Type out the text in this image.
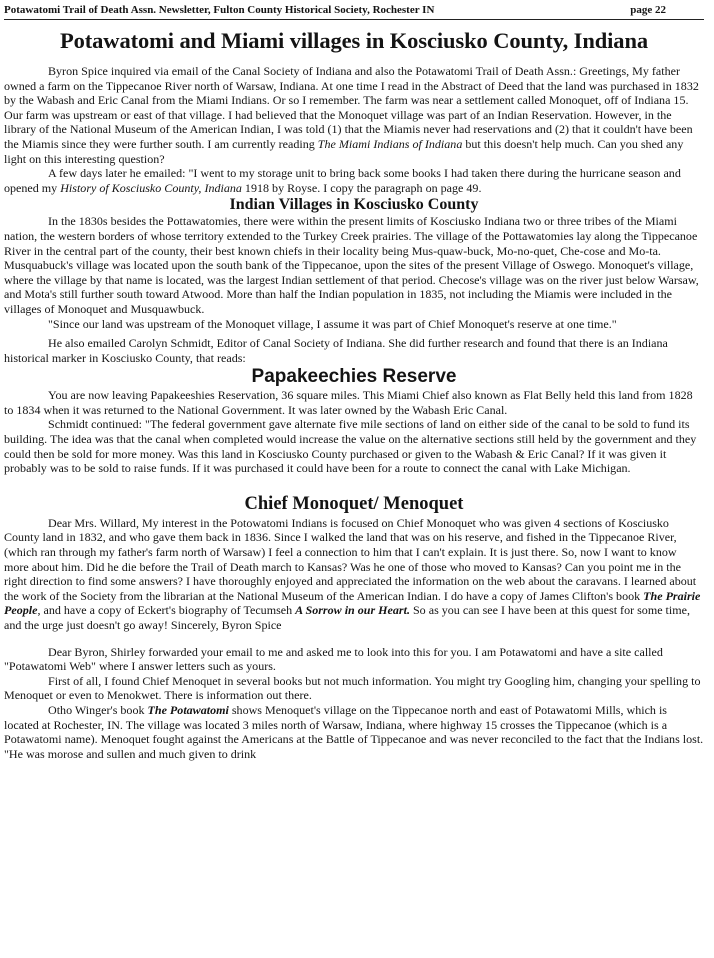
Potawatomi Trail of Death Assn. Newsletter, Fulton County Historical Society, Rochester IN	page 22
Potawatomi and Miami villages in Kosciusko County, Indiana

Byron Spice inquired via email of the Canal Society of Indiana and also the Potawatomi Trail of Death Assn.: Greetings, My father owned a farm on the Tippecanoe River north of Warsaw, Indiana. At one time I read in the Abstract of Deed that the land was purchased in 1832 by the Wabash and Eric Canal from the Miami Indians. Or so I remember. The farm was near a settlement called Monoquet, off of Indiana 15. Our farm was upstream or east of that village. I had believed that the Monoquet village was part of an Indian Reservation. However, in the library of the National Museum of the American Indian, I was told (1) that the Miamis never had reservations and (2) that it couldn't have been the Miamis since they were further south. I am currently reading The Miami Indians of Indiana but this doesn't help much. Can you shed any light on this interesting question?

A few days later he emailed: "I went to my storage unit to bring back some books I had taken there during the hurricane season and opened my History of Kosciusko County, Indiana 1918 by Royse. I copy the paragraph on page 49.

Indian Villages in Kosciusko County

In the 1830s besides the Pottawatomies, there were within the present limits of Kosciusko Indiana two or three tribes of the Miami nation, the western borders of whose territory extended to the Turkey Creek prairies. The village of the Pottawatomies lay along the Tippecanoe River in the central part of the county, their best known chiefs in their locality being Mus-quaw-buck, Mo-no-quet, Che-cose and Mo-ta. Musquabuck's village was located upon the south bank of the Tippecanoe, upon the sites of the present Village of Oswego. Monoquet's village, where the village by that name is located, was the largest Indian settlement of that period. Checose's village was on the river just below Warsaw, and Mota's still further south toward Atwood. More than half the Indian population in 1835, not including the Miamis were included in the villages of Monoquet and Musquawbuck.

"Since our land was upstream of the Monoquet village, I assume it was part of Chief Monoquet's reserve at one time."

He also emailed Carolyn Schmidt, Editor of Canal Society of Indiana. She did further research and found that there is an Indiana historical marker in Kosciusko County, that reads:

Papakeechies Reserve

You are now leaving Papakeeshies Reservation, 36 square miles. This Miami Chief also known as Flat Belly held this land from 1828 to 1834 when it was returned to the National Government. It was later owned by the Wabash Eric Canal.

Schmidt continued: "The federal government gave alternate five mile sections of land on either side of the canal to be sold to fund its building. The idea was that the canal when completed would increase the value on the alternative sections still held by the government and they could then be sold for more money. Was this land in Kosciusko County purchased or given to the Wabash & Eric Canal? If it was given it probably was to be sold to raise funds. If it was purchased it could have been for a route to connect the canal with Lake Michigan.

Chief Monoquet/ Menoquet

Dear Mrs. Willard, My interest in the Potowatomi Indians is focused on Chief Monoquet who was given 4 sections of Kosciusko County land in 1832, and who gave them back in 1836. Since I walked the land that was on his reserve, and fished in the Tippecanoe River, (which ran through my father's farm north of Warsaw) I feel a connection to him that I can't explain. It is just there. So, now I want to know more about him. Did he die before the Trail of Death march to Kansas? Was he one of those who moved to Kansas? Can you point me in the right direction to find some answers? I have thoroughly enjoyed and appreciated the information on the web about the caravans. I learned about the work of the Society from the librarian at the National Museum of the American Indian. I do have a copy of James Clifton's book The Prairie People, and have a copy of Eckert's biography of Tecumseh A Sorrow in our Heart. So as you can see I have been at this quest for some time, and the urge just doesn't go away! Sincerely, Byron Spice

Dear Byron, Shirley forwarded your email to me and asked me to look into this for you. I am Potawatomi and have a site called "Potawatomi Web" where I answer letters such as yours.

First of all, I found Chief Menoquet in several books but not much information. You might try Googling him, changing your spelling to Menoquet or even to Menokwet. There is information out there.

Otho Winger's book The Potawatomi shows Menoquet's village on the Tippecanoe north and east of Potawatomi Mills, which is located at Rochester, IN. The village was located 3 miles north of Warsaw, Indiana, where highway 15 crosses the Tippecanoe (which is a Potawatomi name). Menoquet fought against the Americans at the Battle of Tippecanoe and was never reconciled to the fact that the Indians lost. "He was morose and sullen and much given to drink
